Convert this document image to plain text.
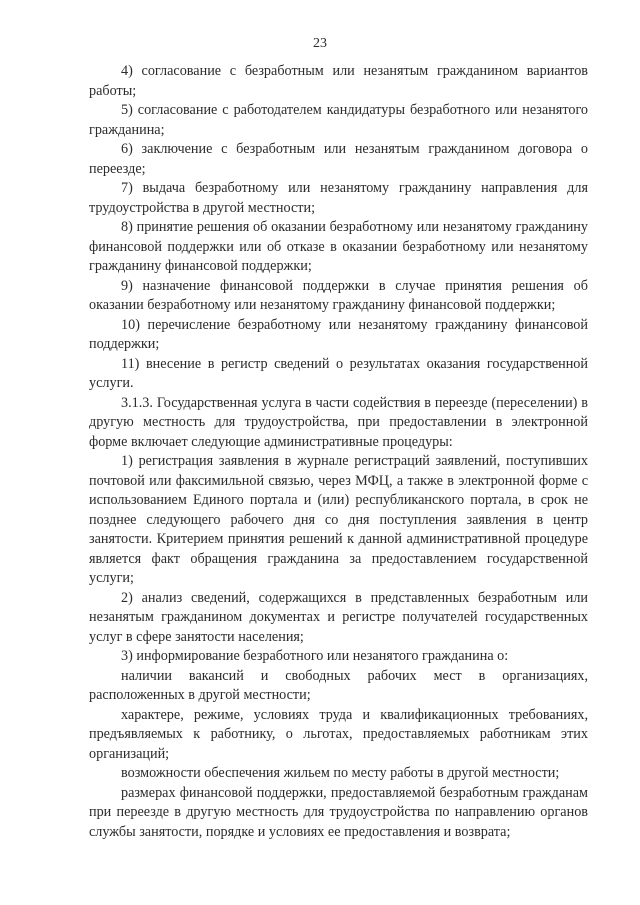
23

4) согласование с безработным или незанятым гражданином вариантов работы;

5) согласование с работодателем кандидатуры безработного или незанятого гражданина;

6) заключение с безработным или незанятым гражданином договора о переезде;

7) выдача безработному или незанятому гражданину направления для трудоустройства в другой местности;

8) принятие решения об оказании безработному или незанятому гражданину финансовой поддержки или об отказе в оказании безработному или незанятому гражданину финансовой поддержки;

9) назначение финансовой поддержки в случае принятия решения об оказании безработному или незанятому гражданину финансовой поддержки;

10) перечисление безработному или незанятому гражданину финансовой поддержки;

11) внесение в регистр сведений о результатах оказания государственной услуги.

3.1.3. Государственная услуга в части содействия в переезде (переселении) в другую местность для трудоустройства, при предоставлении в электронной форме включает следующие административные процедуры:

1) регистрация заявления в журнале регистраций заявлений, поступивших почтовой или факсимильной связью, через МФЦ, а также в электронной форме с использованием Единого портала и (или) республиканского портала, в срок не позднее следующего рабочего дня со дня поступления заявления в центр занятости. Критерием принятия решений к данной административной процедуре является факт обращения гражданина за предоставлением государственной услуги;

2) анализ сведений, содержащихся в представленных безработным или незанятым гражданином документах и регистре получателей государственных услуг в сфере занятости населения;

3) информирование безработного или незанятого гражданина о:

наличии вакансий и свободных рабочих мест в организациях, расположенных в другой местности;

характере, режиме, условиях труда и квалификационных требованиях, предъявляемых к работнику, о льготах, предоставляемых работникам этих организаций;

возможности обеспечения жильем по месту работы в другой местности;

размерах финансовой поддержки, предоставляемой безработным гражданам при переезде в другую местность для трудоустройства по направлению органов службы занятости, порядке и условиях ее предоставления и возврата;
